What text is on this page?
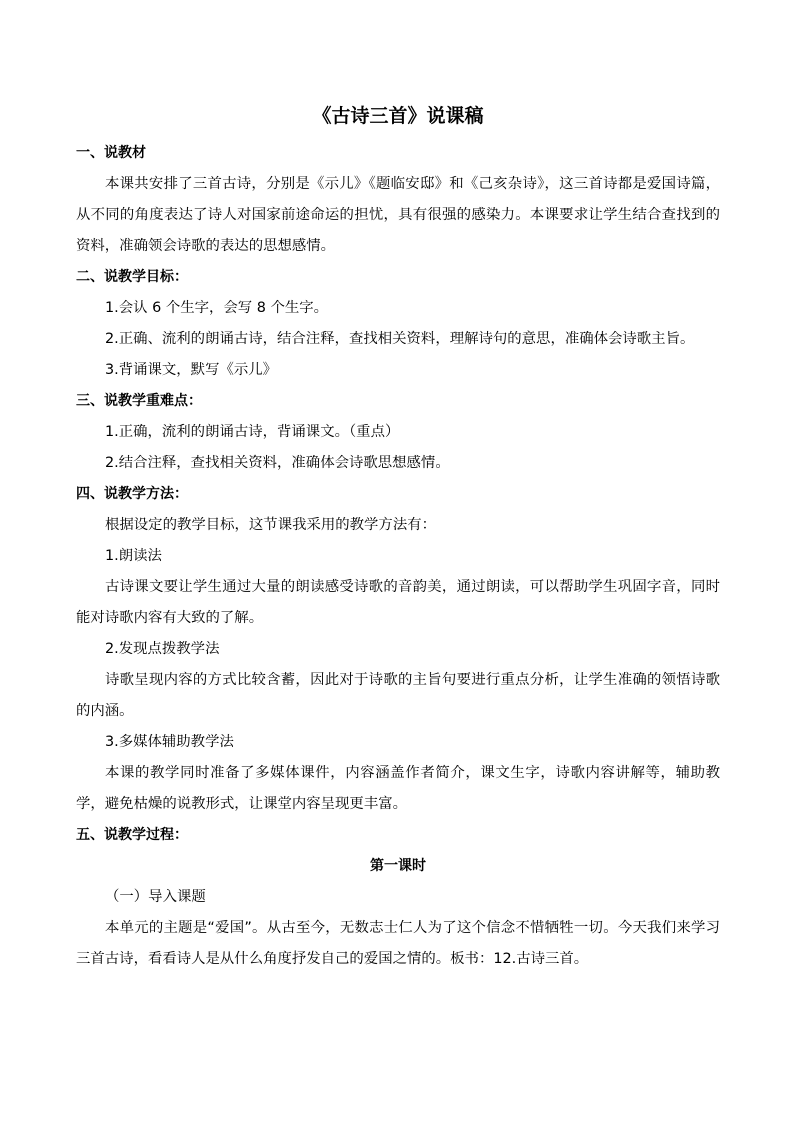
《古诗三首》说课稿
一、说教材
本课共安排了三首古诗，分别是《示儿》《题临安邸》和《己亥杂诗》，这三首诗都是爱国诗篇，从不同的角度表达了诗人对国家前途命运的担忧，具有很强的感染力。本课要求让学生结合查找到的资料，准确领会诗歌的表达的思想感情。
二、说教学目标：
1.会认 6 个生字，会写 8 个生字。
2.正确、流利的朗诵古诗，结合注释，查找相关资料，理解诗句的意思，准确体会诗歌主旨。
3.背诵课文，默写《示儿》
三、说教学重难点：
1.正确，流利的朗诵古诗，背诵课文。（重点）
2.结合注释，查找相关资料，准确体会诗歌思想感情。
四、说教学方法：
根据设定的教学目标，这节课我采用的教学方法有：
1.朗读法
古诗课文要让学生通过大量的朗读感受诗歌的音韵美，通过朗读，可以帮助学生巩固字音，同时能对诗歌内容有大致的了解。
2.发现点拨教学法
诗歌呈现内容的方式比较含蓄，因此对于诗歌的主旨句要进行重点分析，让学生准确的领悟诗歌的内涵。
3.多媒体辅助教学法
本课的教学同时准备了多媒体课件，内容涵盖作者简介，课文生字，诗歌内容讲解等，辅助教学，避免枯燥的说教形式，让课堂内容呈现更丰富。
五、说教学过程：
第一课时
（一）导入课题
本单元的主题是“爱国”。从古至今，无数志士仁人为了这个信念不惜牺牲一切。今天我们来学习三首古诗，看看诗人是从什么角度抒发自己的爱国之情的。板书：12.古诗三首。
